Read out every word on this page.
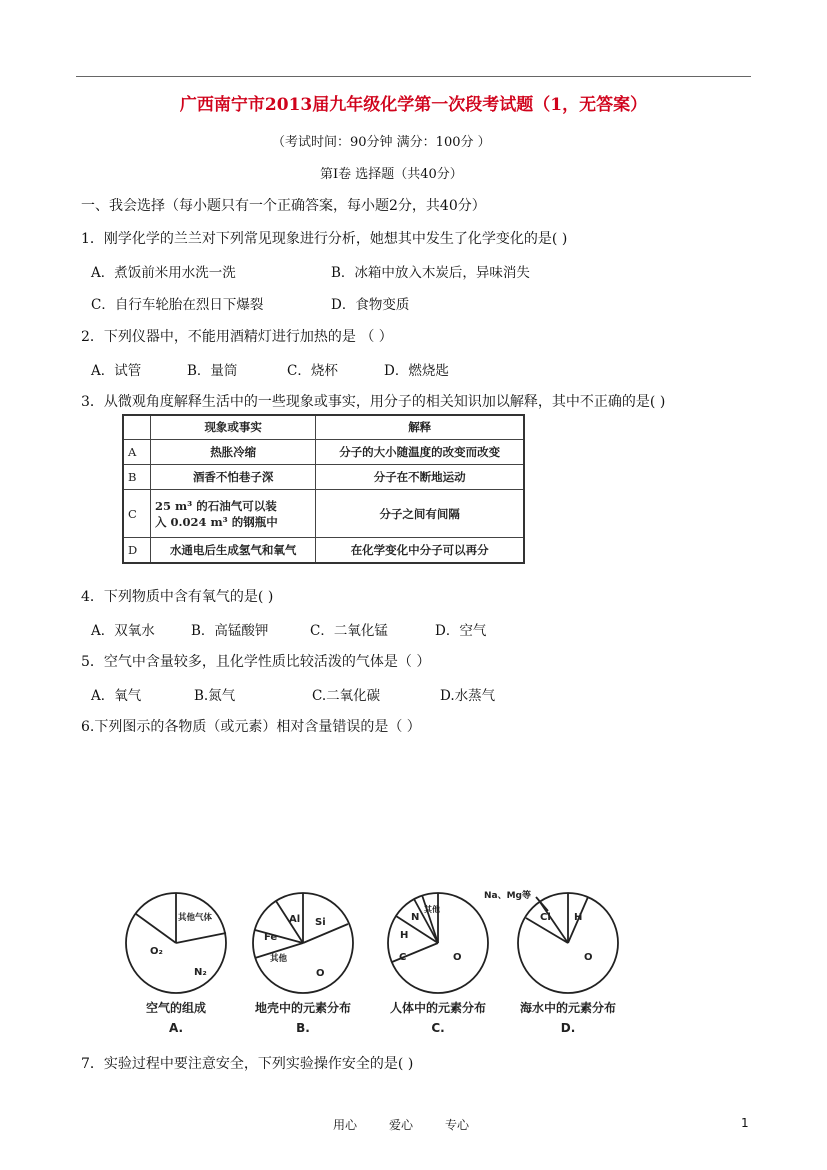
广西南宁市2013届九年级化学第一次段考试题（1，无答案）
（考试时间：90分钟 满分：100分 ）
第Ⅰ卷 选择题（共40分）
一、我会选择（每小题只有一个正确答案，每小题2分，共40分）
1．刚学化学的兰兰对下列常见现象进行分析，她想其中发生了化学变化的是( )
A．煮饭前米用水洗一洗	B．冰箱中放入木炭后，异味消失
C．自行车轮胎在烈日下爆裂	D．食物变质
2．下列仪器中，不能用酒精灯进行加热的是 （ ）
A．试管	B．量筒	C．烧杯	D．燃烧匙
3．从微观角度解释生活中的一些现象或事实，用分子的相关知识加以解释，其中不正确的是( )
	现象或事实	解释
A	热胀冷缩	分子的大小随温度的改变而改变
B	酒香不怕巷子深	分子在不断地运动
C	25 m³ 的石油气可以装
入 0.024 m³ 的钢瓶中	分子之间有间隔
D	水通电后生成氢气和氧气	在化学变化中分子可以再分
4．下列物质中含有氧气的是( )
A．双氧水	B．高锰酸钾	C．二氧化锰	D．空气
5．空气中含量较多，且化学性质比较活泼的气体是（ ）
A．氧气	B.氮气	C.二氧化碳	D.水蒸气
6.下列图示的各物质（或元素）相对含量错误的是（ ）
O₂
N₂
其他气体	Al Si
Fe
其他
O
N
其他
H
C	O
Na、Mg等
Cl H
O
空气的组成
A.
地壳中的元素分布
B.
人体中的元素分布
C.
海水中的元素分布
D.
7．实验过程中要注意安全，下列实验操作安全的是( )
用心	爱心	专心	1
